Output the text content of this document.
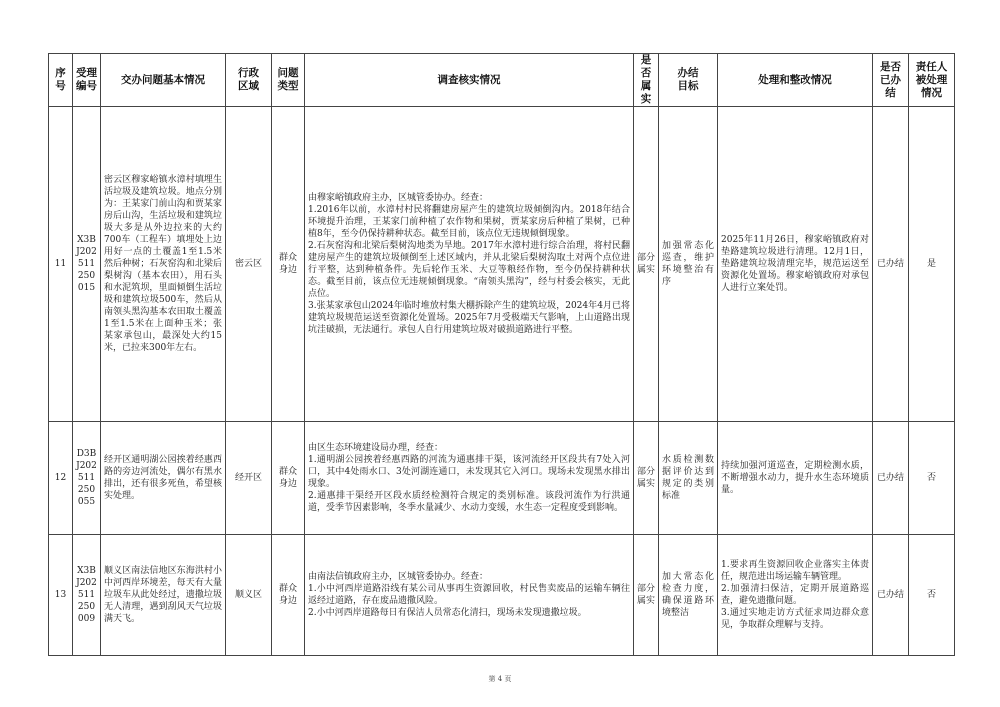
序号	受理编号	交办问题基本情况	行政区域	问题类型	调查核实情况	是否属实	办结目标	处理和整改情况	是否已办结	责任人被处理情况
11	X3BJ202511250015	密云区穆家峪镇水漳村填埋生活垃圾及建筑垃圾。地点分别为：王某家门前山沟和贾某家房后山沟，生活垃圾和建筑垃圾大多是从外边拉来的大约700车（工程车）填埋处上边用好一点的土覆盖1至1.5米然后种树；石灰窑沟和北梁后梨树沟（基本农田），用石头和水泥筑坝，里面倾倒生活垃圾和建筑垃圾500车，然后从南领头黑沟基本农田取土覆盖1至1.5米在上面种玉米；张某家承包山，最深处大约15米，已拉来300年左右。	密云区	群众身边	由穆家峪镇政府主办，区城管委协办。经查：
1.2016年以前，水漳村村民将翻建房屋产生的建筑垃圾倾倒沟内。2018年结合环境提升治理，王某家门前种植了农作物和果树，贾某家房后种植了果树，已种植8年，至今仍保持耕种状态。截至目前，该点位无违规倾倒现象。
2.石灰窑沟和北梁后梨树沟地类为旱地。2017年水漳村进行综合治理，将村民翻建房屋产生的建筑垃圾倾倒至上述区域内，并从北梁后梨树沟取土对两个点位进行平整，达到种植条件。先后轮作玉米、大豆等粮经作物，至今仍保持耕种状态。截至目前，该点位无违规倾倒现象。“南领头黑沟”，经与村委会核实，无此点位。
3.张某家承包山2024年临时堆放村集大棚拆除产生的建筑垃圾，2024年4月已将建筑垃圾规范运送至资源化处置场。2025年7月受极端天气影响，上山道路出现坑洼破损，无法通行。承包人自行用建筑垃圾对破损道路进行平整。	部分属实	加强常态化巡查，维护环境整治有序	2025年11月26日，穆家峪镇政府对垫路建筑垃圾进行清理。12月1日，垫路建筑垃圾清理完毕，规范运送至资源化处置场。穆家峪镇政府对承包人进行立案处罚。	已办结	是
12	D3BJ202511250055	经开区通明湖公园挨着经惠西路的旁边河流处，偶尔有黑水排出，还有很多死鱼，希望核实处理。	经开区	群众身边	由区生态环境建设局办理，经查：
1.通明湖公园挨着经惠西路的河流为通惠排干渠，该河流经开区段共有7处入河口，其中4处雨水口、3处河湖连通口，未发现其它入河口。现场未发现黑水排出现象。
2.通惠排干渠经开区段水质经检测符合规定的类别标准。该段河流作为行洪通道，受季节因素影响，冬季水量减少、水动力变缓，水生态一定程度受到影响。	部分属实	水质检测数据评价达到规定的类别标准	持续加强河道巡查，定期检测水质，不断增强水动力，提升水生态环境质量。	已办结	否
13	X3BJ202511250009	顺义区南法信地区东海洪村小中河西岸环境差，每天有大量垃圾车从此处经过，遗撒垃圾无人清理，遇到刮风天气垃圾满天飞。	顺义区	群众身边	由南法信镇政府主办，区城管委协办。经查：
1.小中河西岸道路沿线有某公司从事再生资源回收，村民售卖废品的运输车辆往返经过道路，存在废品遗撒风险。
2.小中河西岸道路每日有保洁人员常态化清扫，现场未发现遗撒垃圾。	部分属实	加大常态化检查力度，确保道路环境整洁	1.要求再生资源回收企业落实主体责任，规范进出场运输车辆管理。
2.加强清扫保洁，定期开展道路巡查，避免遗撒问题。
3.通过实地走访方式征求周边群众意见，争取群众理解与支持。	已办结	否
第 4 页
